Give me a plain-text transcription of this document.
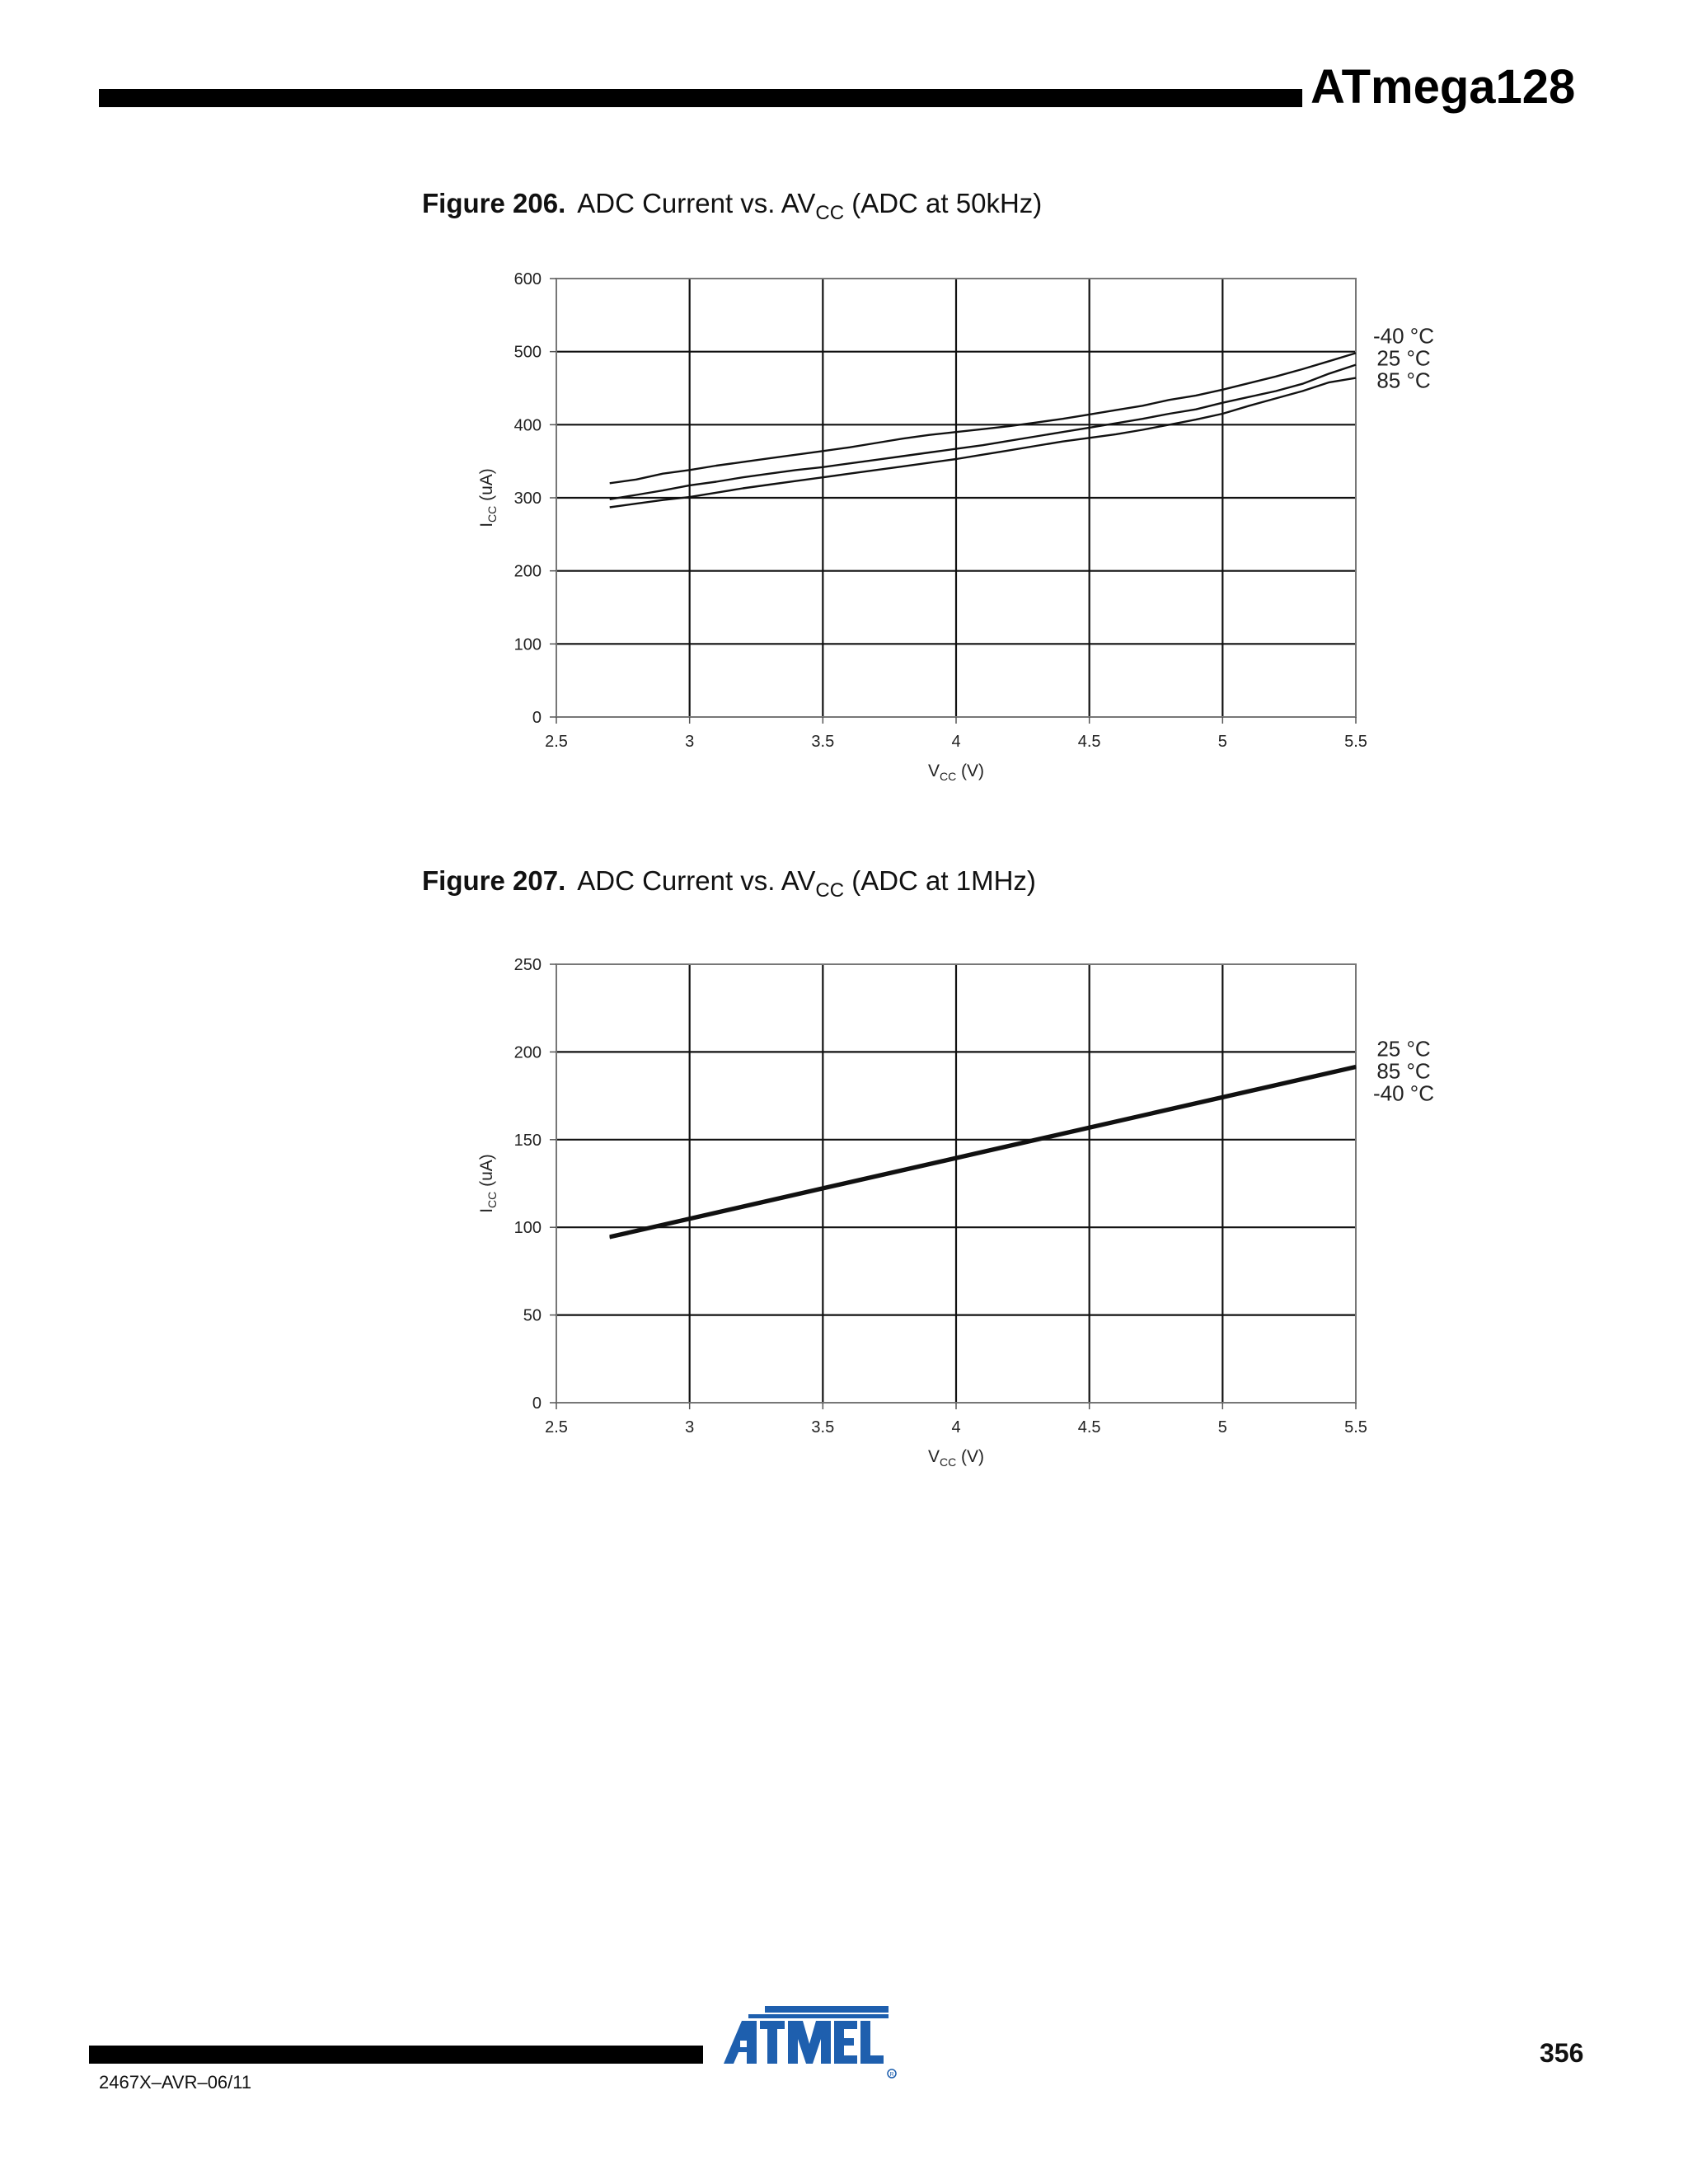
ATmega128
Figure 206. ADC Current vs. $AV_{CC}$ (ADC at 50kHz)
2.5	3	3.5	4	4.5	5	5.5
0
100
200
300
400
500
600
$V_{CC}$ (V)
$I_{CC}$ (uA)
-40 °C
25 °C
85 °C
Figure 207. ADC Current vs. $AV_{CC}$ (ADC at 1MHz)
2.5	3	3.5	4	4.5	5	5.5
0
50
100
150
200
250
$V_{CC}$ (V)
$I_{CC}$ (uA)
25 °C
85 °C
-40 °C
R
356
2467X–AVR–06/11
